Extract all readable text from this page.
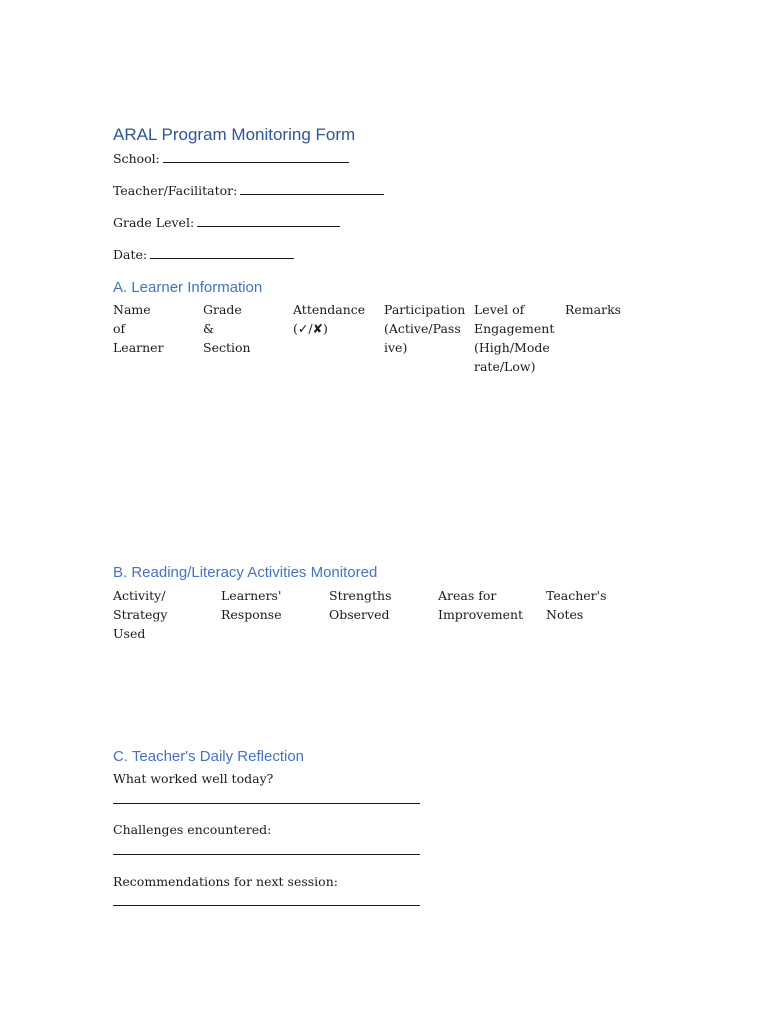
ARAL Program Monitoring Form

School:

Teacher/Facilitator:

Grade Level:

Date:

A. Learner Information
Name of
Learner
Grade &
Section
Attendance
(✓/✘)
Participation
(Active/Pass
ive)
Level of
Engagement
(High/Mode
rate/Low)
Remarks
B. Reading/Literacy Activities Monitored
Activity/
Strategy Used
Learners'
Response
Strengths
Observed
Areas for
Improvement
Teacher's Notes
C. Teacher's Daily Reflection

What worked well today?

Challenges encountered:

Recommendations for next session:
